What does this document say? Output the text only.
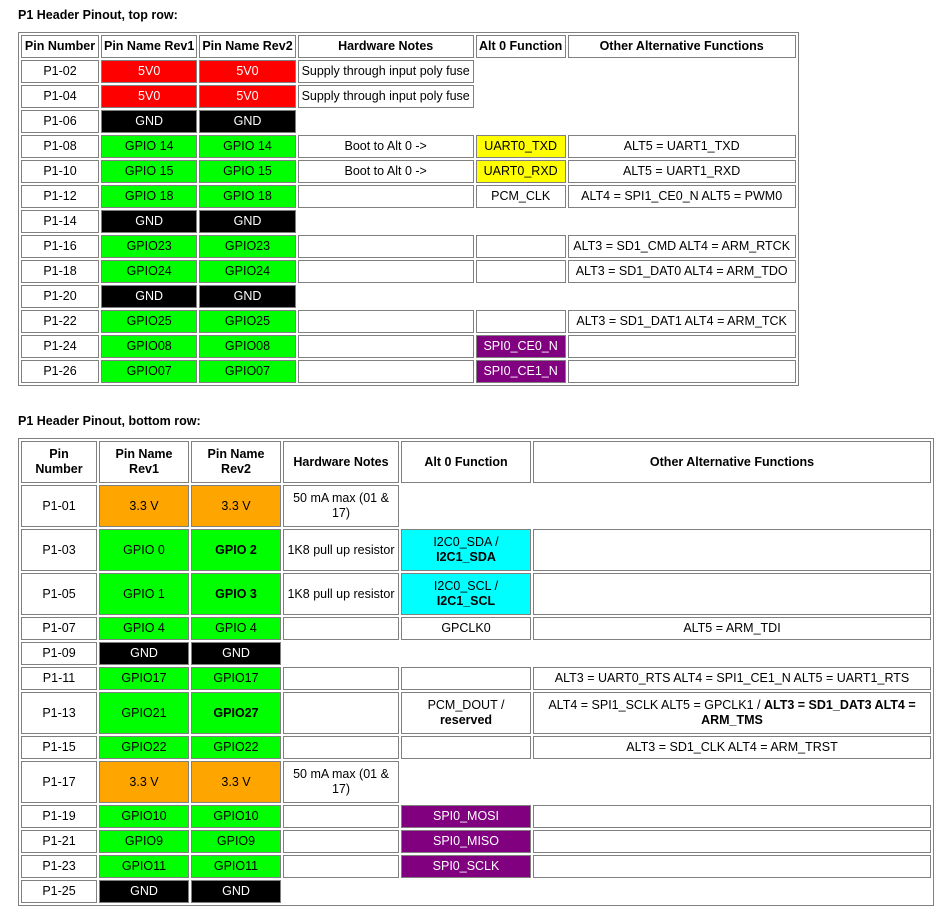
P1 Header Pinout, top row:
Pin Number	Pin Name Rev1	Pin Name Rev2	Hardware Notes	Alt 0 Function	Other Alternative Functions
P1-02	5V0	5V0	Supply through input poly fuse		
P1-04	5V0	5V0	Supply through input poly fuse		
P1-06	GND	GND			
P1-08	GPIO 14	GPIO 14	Boot to Alt 0 ->	UART0_TXD	ALT5 = UART1_TXD
P1-10	GPIO 15	GPIO 15	Boot to Alt 0 ->	UART0_RXD	ALT5 = UART1_RXD
P1-12	GPIO 18	GPIO 18		PCM_CLK	ALT4 = SPI1_CE0_N ALT5 = PWM0
P1-14	GND	GND			
P1-16	GPIO23	GPIO23			ALT3 = SD1_CMD ALT4 = ARM_RTCK
P1-18	GPIO24	GPIO24			ALT3 = SD1_DAT0 ALT4 = ARM_TDO
P1-20	GND	GND			
P1-22	GPIO25	GPIO25			ALT3 = SD1_DAT1 ALT4 = ARM_TCK
P1-24	GPIO08	GPIO08		SPI0_CE0_N	
P1-26	GPIO07	GPIO07		SPI0_CE1_N	
P1 Header Pinout, bottom row:
Pin Number	Pin Name Rev1	Pin Name Rev2	Hardware Notes	Alt 0 Function	Other Alternative Functions
P1-01	3.3 V	3.3 V	50 mA max (01 & 17)		
P1-03	GPIO 0	GPIO 2	1K8 pull up resistor	I2C0_SDA /
I2C1_SDA	
P1-05	GPIO 1	GPIO 3	1K8 pull up resistor	I2C0_SCL /
I2C1_SCL	
P1-07	GPIO 4	GPIO 4		GPCLK0	ALT5 = ARM_TDI
P1-09	GND	GND			
P1-11	GPIO17	GPIO17			ALT3 = UART0_RTS ALT4 = SPI1_CE1_N ALT5 = UART1_RTS
P1-13	GPIO21	GPIO27		PCM_DOUT /
reserved	ALT4 = SPI1_SCLK ALT5 = GPCLK1 / ALT3 = SD1_DAT3 ALT4 = ARM_TMS
P1-15	GPIO22	GPIO22			ALT3 = SD1_CLK ALT4 = ARM_TRST
P1-17	3.3 V	3.3 V	50 mA max (01 & 17)		
P1-19	GPIO10	GPIO10		SPI0_MOSI	
P1-21	GPIO9	GPIO9		SPI0_MISO	
P1-23	GPIO11	GPIO11		SPI0_SCLK	
P1-25	GND	GND			
